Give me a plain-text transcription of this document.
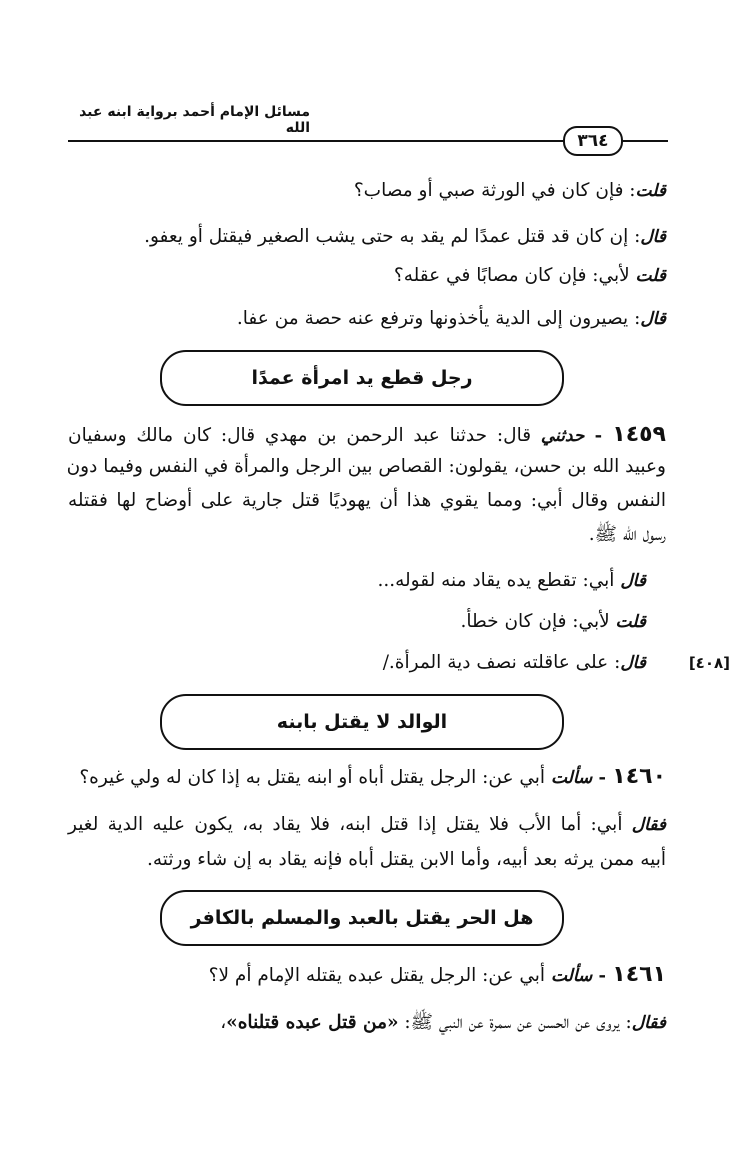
مسائل الإمام أحمد برواية ابنه عبد الله
٣٦٤
قلت: فإن كان في الورثة صبي أو مصاب؟
قال: إن كان قد قتل عمدًا لم يقد به حتى يشب الصغير فيقتل أو يعفو.
قلت لأبي: فإن كان مصابًا في عقله؟
قال: يصيرون إلى الدية يأخذونها وترفع عنه حصة من عفا.
رجل قطع يد امرأة عمدًا
١٤٥٩ - حدثني قال: حدثنا عبد الرحمن بن مهدي قال: كان مالك وسفيان
وعبيد الله بن حسن، يقولون: القصاص بين الرجل والمرأة في النفس وفيما دون
النفس وقال أبي: ومما يقوي هذا أن يهوديًا قتل جارية على أوضاح لها فقتله
رسول الله ﷺ.
قال أبي: تقطع يده يقاد منه لقوله...
قلت لأبي: فإن كان خطأ.
قال: على عاقلته نصف دية المرأة./	[٤٠٨]
الوالد لا يقتل بابنه
١٤٦٠ - سألت أبي عن: الرجل يقتل أباه أو ابنه يقتل به إذا كان له ولي غيره؟
فقال أبي: أما الأب فلا يقتل إذا قتل ابنه، فلا يقاد به، يكون عليه الدية لغير
أبيه ممن يرثه بعد أبيه، وأما الابن يقتل أباه فإنه يقاد به إن شاء ورثته.
هل الحر يقتل بالعبد والمسلم بالكافر
١٤٦١ - سألت أبي عن: الرجل يقتل عبده يقتله الإمام أم لا؟
فقال: يروى عن الحسن عن سمرة عن النبي ﷺ: «من قتل عبده قتلناه»،
